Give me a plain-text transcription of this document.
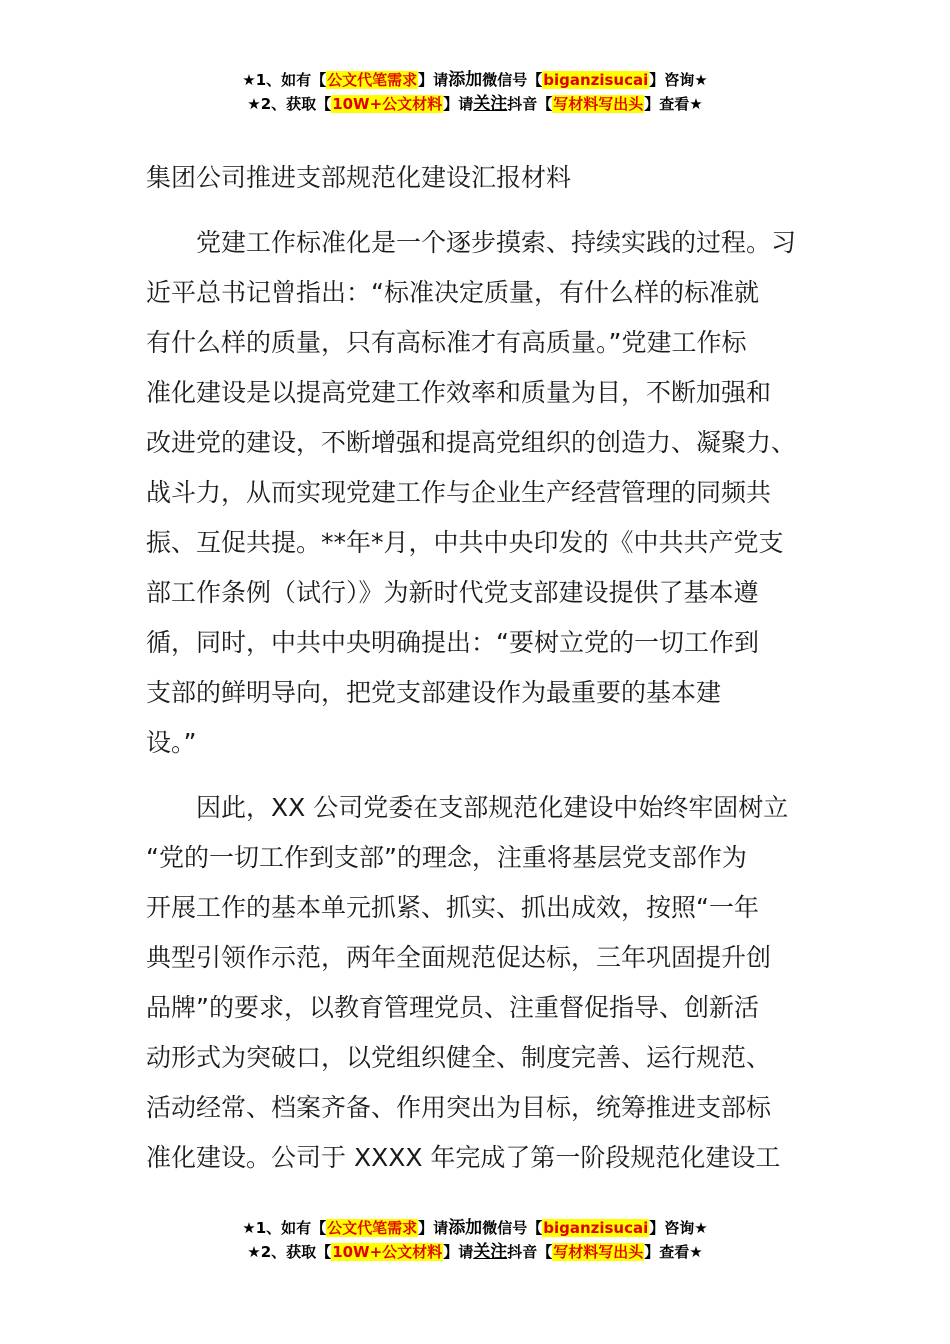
★1、如有【公文代笔需求】请添加微信号【biganzisucai】咨询★
★2、获取【10W+公文材料】请关注抖音【写材料写出头】查看★
集团公司推进支部规范化建设汇报材料
　　党建工作标准化是一个逐步摸索、持续实践的过程。习
近平总书记曾指出：“标准决定质量，有什么样的标准就
有什么样的质量，只有高标准才有高质量。”党建工作标
准化建设是以提高党建工作效率和质量为目，不断加强和
改进党的建设，不断增强和提高党组织的创造力、凝聚力、
战斗力，从而实现党建工作与企业生产经营管理的同频共
振、互促共提。**年*月，中共中央印发的《中共共产党支
部工作条例（试行）》为新时代党支部建设提供了基本遵
循，同时，中共中央明确提出：“要树立党的一切工作到
支部的鲜明导向，把党支部建设作为最重要的基本建
设。”
　　因此，XX 公司党委在支部规范化建设中始终牢固树立
“党的一切工作到支部”的理念，注重将基层党支部作为
开展工作的基本单元抓紧、抓实、抓出成效，按照“一年
典型引领作示范，两年全面规范促达标，三年巩固提升创
品牌”的要求，以教育管理党员、注重督促指导、创新活
动形式为突破口，以党组织健全、制度完善、运行规范、
活动经常、档案齐备、作用突出为目标，统筹推进支部标
准化建设。公司于 XXXX 年完成了第一阶段规范化建设工
★1、如有【公文代笔需求】请添加微信号【biganzisucai】咨询★
★2、获取【10W+公文材料】请关注抖音【写材料写出头】查看★
